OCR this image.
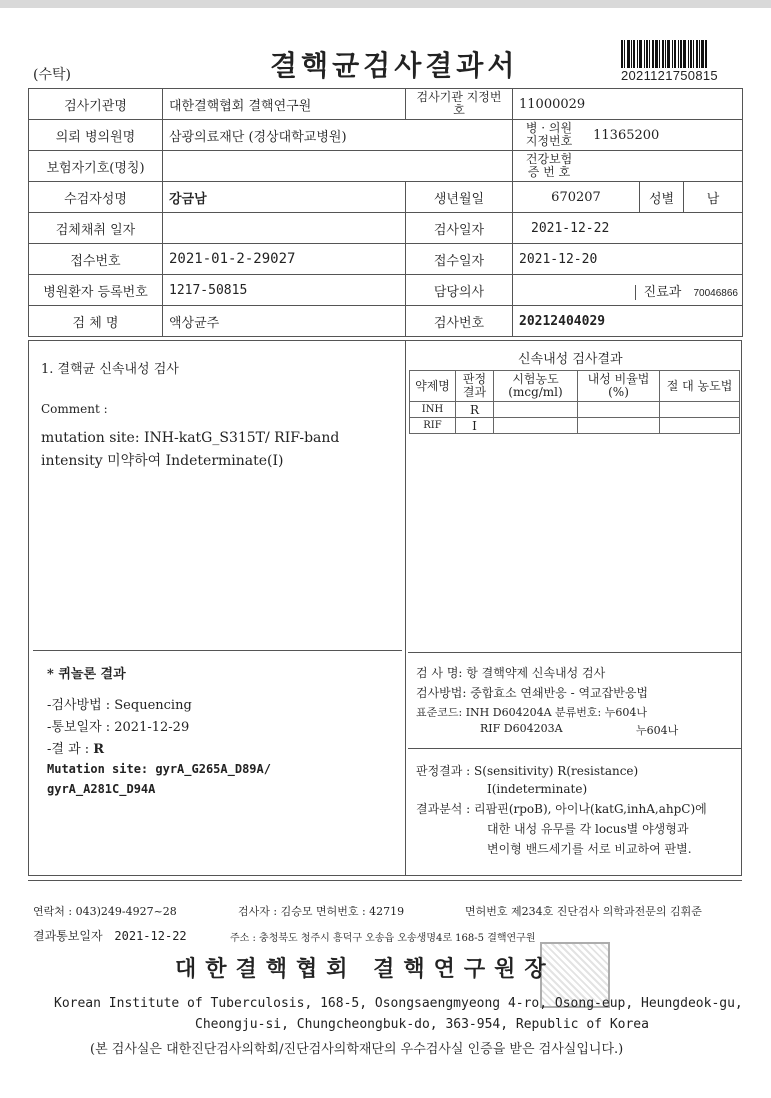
(수탁)	결핵균검사결과서	2021121750815
검사기관명	대한결핵협회 결핵연구원	검사기관 지정번호	11000029		
의뢰 병의원명	삼광의료재단 (경상대학교병원)		병 · 의원 지정번호 11365200		
보험자기호(명칭)			건강보험 증 번 호		
수검자성명	강금남	생년월일	670207	성별	남
검체채취 일자		검사일자	2021-12-22		
접수번호	2021-01-2-29027	접수일자	2021-12-20		
병원환자 등록번호	1217-50815	담당의사	진료과 70046866		
검 체 명	액상균주	검사번호	20212404029		
1. 결핵균 신속내성 검사
Comment :
mutation site: INH-katG_S315T/ RIF-band
intensity 미약하여 Indeterminate(I)
* 퀴놀론 결과
-검사방법 : Sequencing
-통보일자 : 2021-12-29
-결 과 : R
Mutation site: gyrA_G265A_D89A/
gyrA_A281C_D94A
신속내성 검사결과
약제명	판정 결과	시험농도 (mcg/ml)	내성 비율법(%)	절 대 농도법
INH	R			
RIF	I			
검 사 명: 항 결핵약제 신속내성 검사
검사방법: 중합효소 연쇄반응 - 역교잡반응법
표준코드: INH D604204A 분류번호: 누604나
RIF D604203A	누604나
판정결과 : S(sensitivity) R(resistance)
I(indeterminate)
결과분석 : 리팜핀(rpoB), 아이나(katG,inhA,ahpC)에
대한 내성 유무를 각 locus별 야생형과
변이형 밴드세기를 서로 비교하여 판별.
연락처 : 043)249-4927~28	검사자 : 김승모 면허번호 : 42719	면허번호 제234호 진단검사 의학과전문의 김휘준
결과통보일자 2021-12-22	주소 : 충청북도 청주시 흥덕구 오송읍 오송생명4로 168-5 결핵연구원
대한결핵협회 결핵연구원장
Korean Institute of Tuberculosis, 168-5, Osongsaengmyeong 4-ro, Osong-eup, Heungdeok-gu,
Cheongju-si, Chungcheongbuk-do, 363-954, Republic of Korea
(본 검사실은 대한진단검사의학회/진단검사의학재단의 우수검사실 인증을 받은 검사실입니다.)
